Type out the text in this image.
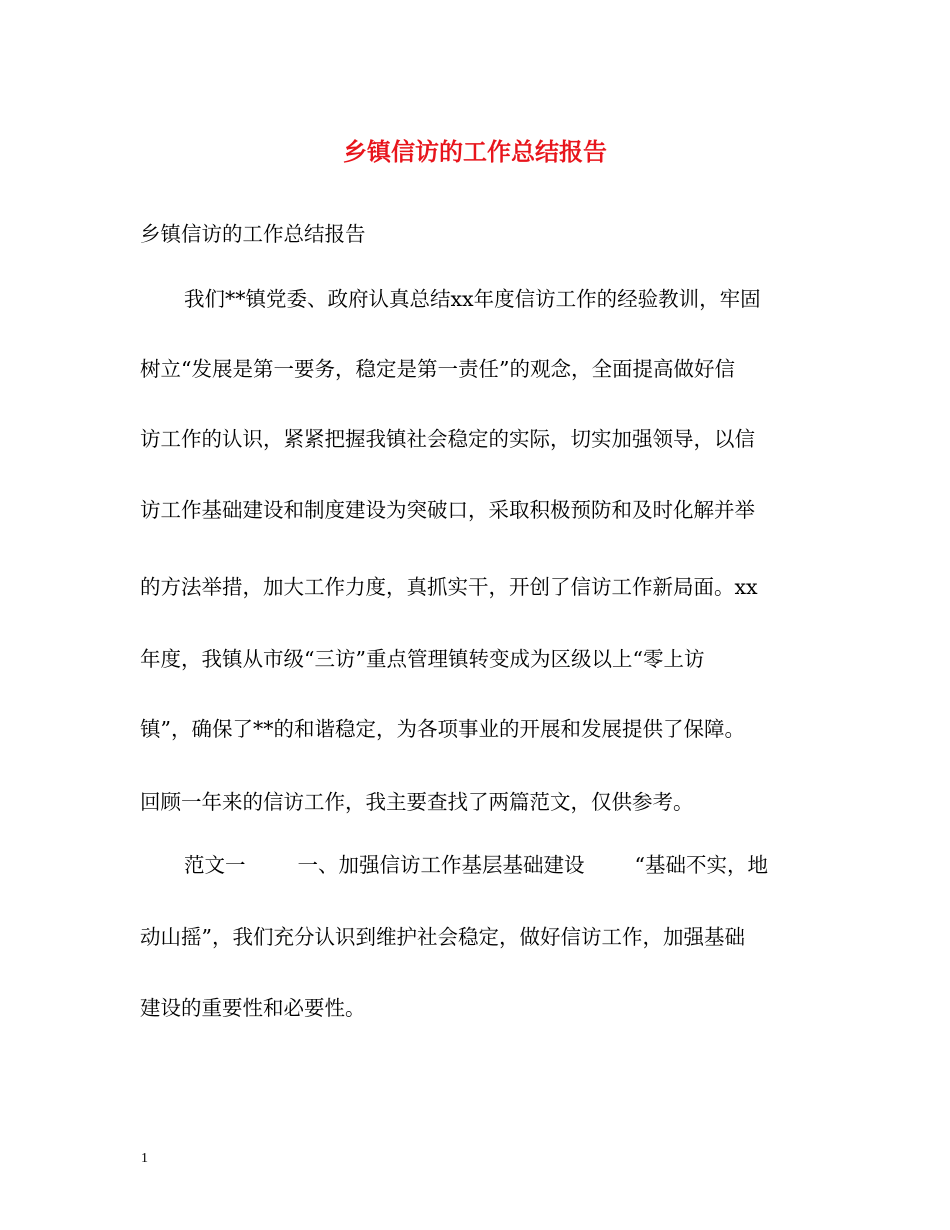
乡镇信访的工作总结报告
乡镇信访的工作总结报告
我们**镇党委、政府认真总结xx年度信访工作的经验教训，牢固
树立“发展是第一要务，稳定是第一责任”的观念，全面提高做好信
访工作的认识，紧紧把握我镇社会稳定的实际，切实加强领导，以信
访工作基础建设和制度建设为突破口，采取积极预防和及时化解并举
的方法举措，加大工作力度，真抓实干，开创了信访工作新局面。xx
年度，我镇从市级“三访”重点管理镇转变成为区级以上“零上访
镇”，确保了**的和谐稳定，为各项事业的开展和发展提供了保障。
回顾一年来的信访工作，我主要查找了两篇范文，仅供参考。
范文一	一、加强信访工作基层基础建设 “基础不实，地
动山摇”，我们充分认识到维护社会稳定，做好信访工作，加强基础
建设的重要性和必要性。
1
